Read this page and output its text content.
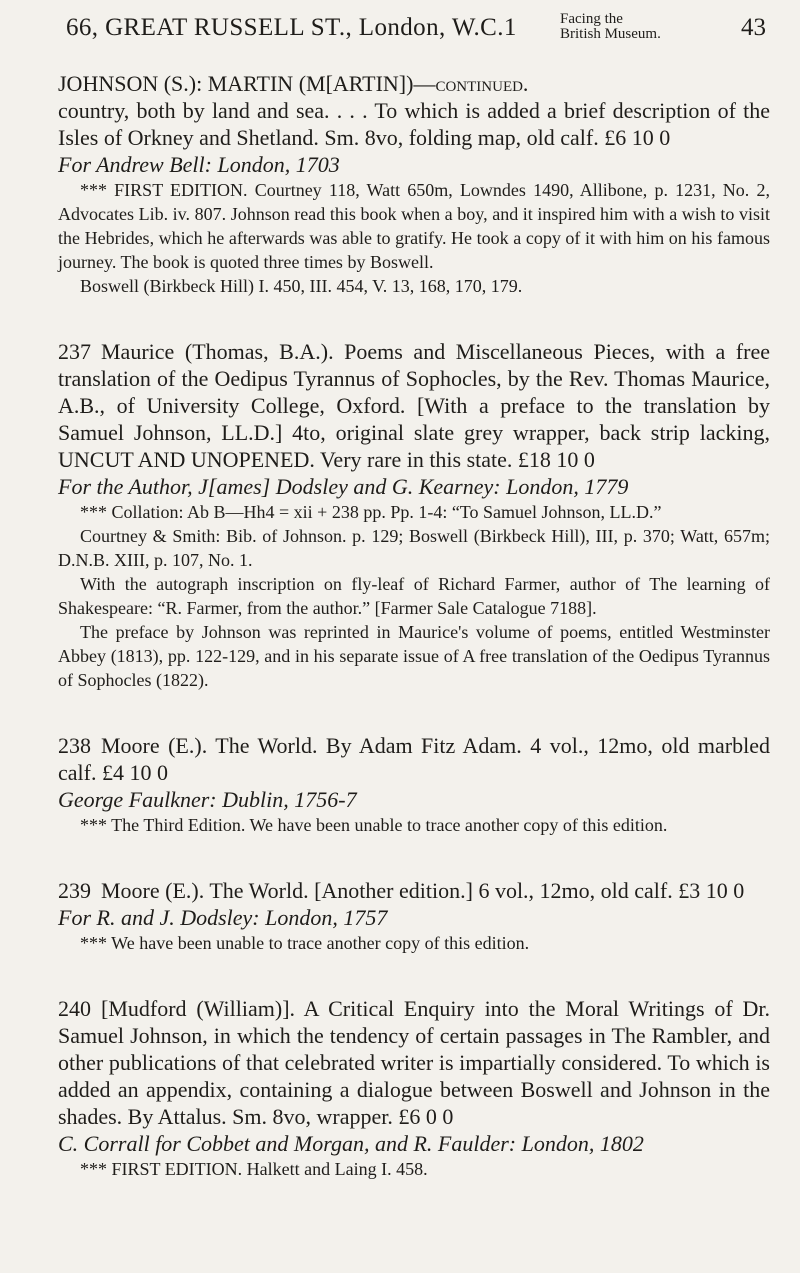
66, GREAT RUSSELL ST., London, W.C.1	Facing the
British Museum.	43

JOHNSON (S.): MARTIN (M[ARTIN])—continued.

country, both by land and sea. . . . To which is added a brief description of the Isles of Orkney and Shetland. Sm. 8vo, folding map, old calf. £6 10 0

For Andrew Bell: London, 1703

*** FIRST EDITION. Courtney 118, Watt 650m, Lowndes 1490, Allibone, p. 1231, No. 2, Advocates Lib. iv. 807. Johnson read this book when a boy, and it inspired him with a wish to visit the Hebrides, which he afterwards was able to gratify. He took a copy of it with him on his famous journey. The book is quoted three times by Boswell.

Boswell (Birkbeck Hill) I. 450, III. 454, V. 13, 168, 170, 179.

237 Maurice (Thomas, B.A.). Poems and Miscellaneous Pieces, with a free translation of the Oedipus Tyrannus of Sophocles, by the Rev. Thomas Maurice, A.B., of University College, Oxford. [With a preface to the translation by Samuel Johnson, LL.D.] 4to, original slate grey wrapper, back strip lacking, UNCUT AND UNOPENED. Very rare in this state. £18 10 0

For the Author, J[ames] Dodsley and G. Kearney: London, 1779

*** Collation: Ab B—Hh4 = xii + 238 pp. Pp. 1-4: “To Samuel Johnson, LL.D.”

Courtney & Smith: Bib. of Johnson. p. 129; Boswell (Birkbeck Hill), III, p. 370; Watt, 657m; D.N.B. XIII, p. 107, No. 1.

With the autograph inscription on fly-leaf of Richard Farmer, author of The learning of Shakespeare: “R. Farmer, from the author.” [Farmer Sale Catalogue 7188].

The preface by Johnson was reprinted in Maurice's volume of poems, entitled Westminster Abbey (1813), pp. 122-129, and in his separate issue of A free translation of the Oedipus Tyrannus of Sophocles (1822).

238 Moore (E.). The World. By Adam Fitz Adam. 4 vol., 12mo, old marbled calf. £4 10 0

George Faulkner: Dublin, 1756-7

*** The Third Edition. We have been unable to trace another copy of this edition.

239 Moore (E.). The World. [Another edition.] 6 vol., 12mo, old calf. £3 10 0

For R. and J. Dodsley: London, 1757

*** We have been unable to trace another copy of this edition.

240 [Mudford (William)]. A Critical Enquiry into the Moral Writings of Dr. Samuel Johnson, in which the tendency of certain passages in The Rambler, and other publications of that celebrated writer is impartially considered. To which is added an appendix, containing a dialogue between Boswell and Johnson in the shades. By Attalus. Sm. 8vo, wrapper. £6 0 0

C. Corrall for Cobbet and Morgan, and R. Faulder: London, 1802

*** FIRST EDITION. Halkett and Laing I. 458.
